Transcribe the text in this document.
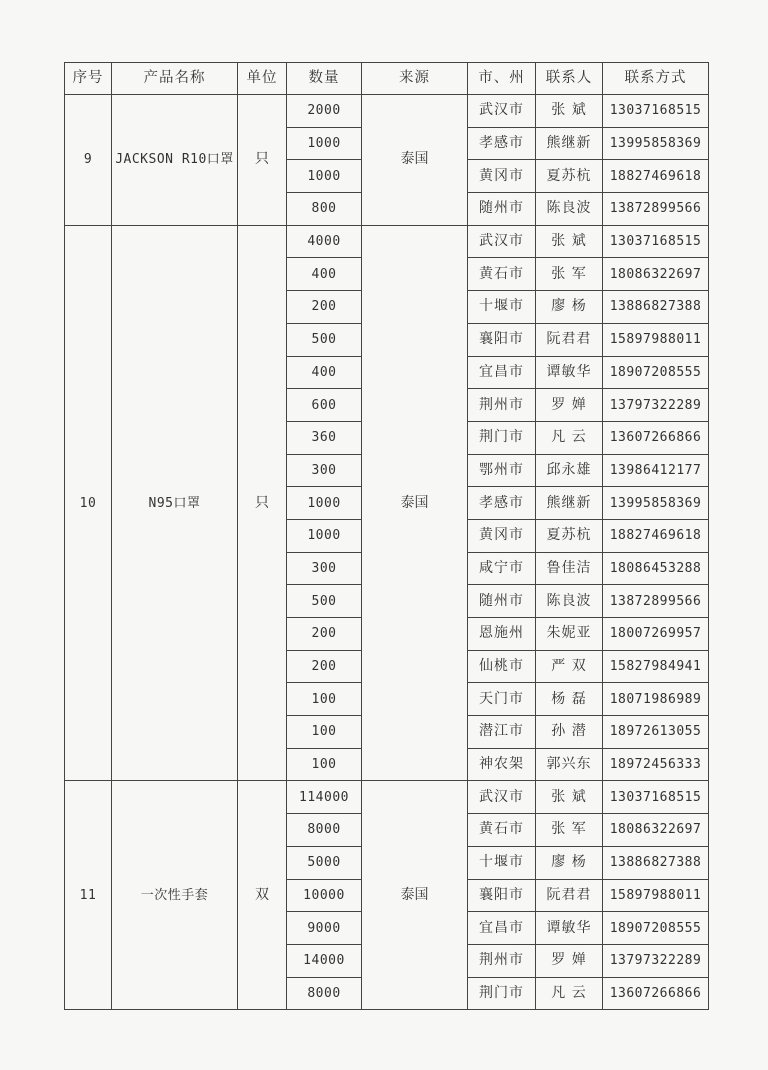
序号	产品名称	单位	数量	来源	市、州	联系人	联系方式
9	JACKSON R10口罩	只	2000	泰国	武汉市	张 斌	13037168515
			1000		孝感市	熊继新	13995858369
			1000		黄冈市	夏苏杭	18827469618
			800		随州市	陈良波	13872899566
10	N95口罩	只	4000	泰国	武汉市	张 斌	13037168515
			400		黄石市	张 军	18086322697
			200		十堰市	廖 杨	13886827388
			500		襄阳市	阮君君	15897988011
			400		宜昌市	谭敏华	18907208555
			600		荆州市	罗 婵	13797322289
			360		荆门市	凡 云	13607266866
			300		鄂州市	邱永雄	13986412177
			1000		孝感市	熊继新	13995858369
			1000		黄冈市	夏苏杭	18827469618
			300		咸宁市	鲁佳洁	18086453288
			500		随州市	陈良波	13872899566
			200		恩施州	朱妮亚	18007269957
			200		仙桃市	严 双	15827984941
			100		天门市	杨 磊	18071986989
			100		潜江市	孙 潜	18972613055
			100		神农架	郭兴东	18972456333
11	一次性手套	双	114000	泰国	武汉市	张 斌	13037168515
			8000		黄石市	张 军	18086322697
			5000		十堰市	廖 杨	13886827388
			10000		襄阳市	阮君君	15897988011
			9000		宜昌市	谭敏华	18907208555
			14000		荆州市	罗 婵	13797322289
			8000		荆门市	凡 云	13607266866
